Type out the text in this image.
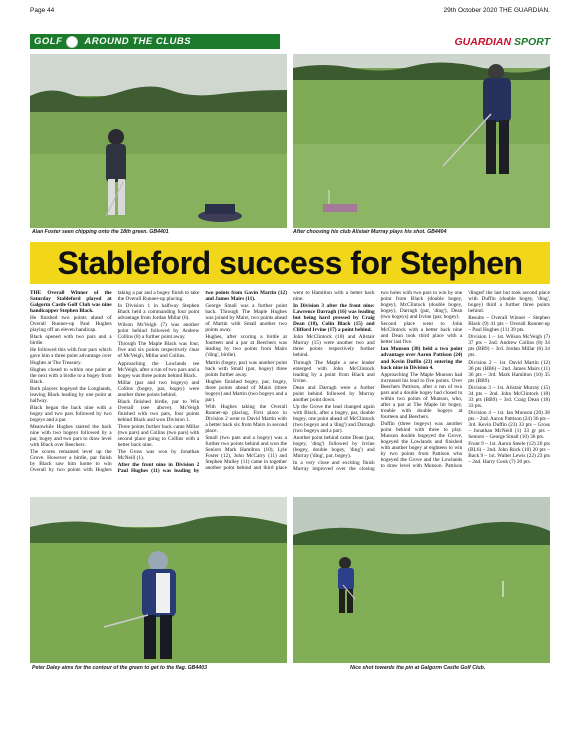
Page 44	29th October 2020 THE GUARDIAN.
GOLF	AROUND THE CLUBS	GUARDIAN SPORT
Alan Foster seen chipping onto the 18th green. GB4401	After choosing his club Alistair Murray plays his shot. GB4404
Stableford success for Stephen

THE Overall Winner of the Saturday Stableford played at Galgorm Castle Golf Club was nine handicapper Stephen Black.

He finished two points ahead of Overall Runner-up Paul Hughes playing off an eleven handicap.

Black opened with two pars and a birdie.

He followed this with four pars which gave him a three point advantage over Hughes at The Treasury.

Hughes closed to within one point at the next with a birdie to a bogey from Black.

Both players bogeyed the Longlands, leaving Black leading by one point at halfway.

Black began the back nine with a bogey and two pars followed by two bogeys and a par.

Meanwhile Hughes started the back nine with two bogeys followed by a par, bogey and two pars to draw level with Black over Beechers.

The scores remained level up the Grove. However a birdie, par finish by Black saw him home to win Overall by two points with Hughes taking a par and a bogey finish to take the Overall Runner-up placing.

In Division 1 in halfway Stephen Black held a commanding four point advantage from Jordan Millar (6).

Wilson McVeigh (7) was another point behind followed by Andrew Collins (8) a further point away.

Through The Maple Black was four, five and six points respectively clear of McVeigh, Millar and Collins.

Approaching the Lowlands tee McVeigh, after a run of two pars and a bogey was three points behind Black.

Millar (par and two bogeys) and Collins (bogey, par, bogey) were another three points behind.

Black finished birdie, par to Win Overall (see above). McVeigh finished with two pars, four points behind Black and won Division 1.

Three points further back came Millar (two pars) and Collins (two pars) with second place going to Collins with a better back nine.

The Gross was won by Jonathan McNeill (1).

After the front nine in Division 2 Paul Hughes (11) was leading by two points from Gavin Martin (12) and James Mairs (11).

George Small was a further point back. Through The Maple Hughes was joined by Mairs, two points ahead of Martin with Small another two points away.

Hughes, after scoring a birdie at fourteen and a par at Beechers was leading by two points from Mairs ('ding', birdie).

Martin (bogey, par) was another point back with Small (par, bogey) three points further away.

Hughes finished bogey, par, bogey, three points ahead of Mairs (three bogeys) and Martin (two bogeys and a par).

With Hughes taking the Overall Runner-up placing, First place in Division 2 went to David Martin with a better back six from Mairs in second place.

Small (two pars and a bogey) was a further two points behind and won the Seniors Mark Hamilton (10), Lyle Foster (12), John McCarry (11) and Stephen Mulley (11) came in together another point behind and third place went to Hamilton with a better back nine.

In Division 3 after the front nine: Lawrence Darragh (16) was leading but being hard pressed by Craig Dean (18), Colin Black (15) and Clifford Irvine (17) a point behind.

John McClintock (18) and Alistair Murray (15) were another two and three points respectively further behind.

Through The Maple a new leader emerged with John McClintock leading by a point from Black and Irvine.

Dean and Darragh were a further point behind followed by Murray another point down.

Up the Grove the lead changed again with Black, after a bogey, par, double bogey, one point ahead of McClintock (two bogeys and a 'ding') and Darragh (two bogeys and a par).

Another point behind came Dean (par, bogey, 'ding') followed by Irvine (bogey, double bogey, 'ding') and Murray ('ding', par, bogey).

In a very close and exciting finish Murray improved over the closing two holes with two pars to win by one point from Black (double bogey, bogey), McClintock (double bogey, bogey), Darragh (par, 'ding'), Dean (two bogeys) and Irvine (par, bogey).

Second place went to John McClintock with a better back nine and Dean took third place with a better last five.

Ian Munson (38) held a two point advantage over Aaron Pattison (24) and Kevin Duffin (23) entering the back nine in Division 4.

Approaching The Maple Munson had increased his lead to five points. Over Beechers Pattison, after a run of two pars and a double bogey had closed to within two points of Munson, who, after a par at The Maple hit bogey, trouble with double bogeys at fourteen and Beechers.

Duffin (three bogeys) was another point behind with three to play. Munson double bogeyed the Grove, bogeyed the Lowlands and finished with another bogey at eighteen to win by two points from Pattison who bogeyed the Grove and the Lowlands to draw level with Munson. Pattison 'dinged' the last but took second place with Duffin (double bogey, 'ding', bogey) third a further three points behind.

Results – Overall Winner – Stephen Black (9) 41 pts – Overall Runner-up – Paul Hughes (11) 39 pts.

Division 1 – 1st. Wilson McVeigh (7) 37 pts – 2nd. Andrew Collins (8) 34 pts (BB9) – 3rd. Jordan Millar (6) 34 pts.

Division 2 – 1st. David Martin (12) 36 pts (BB6) – 2nd. James Mairs (11) 36 pts – 3rd. Mark Hamilton (10) 35 pts (BB9).

Division 3 – 1st. Alistair Murray (15) 34 pts – 2nd. John McClintock (18) 33 pts (BB9) – 3rd. Craig Dean (18) 33 pts.

Division 4 – 1st. Ian Munson (20) 38 pts – 2nd. Aaron Pattison (24) 36 pts – 3rd. Kevin Duffin (23) 33 pts – Gross – Jonathan McNeill (1) 33 gr pts – Seniors – George Small (10) 36 pts.

Front 9 – 1st. Aaron Steele (12) 20 pts (BL6) – 2nd. John Rock (10) 20 pts – Back 9 – 1st. Walter Lewis (22) 23 pts – 2nd. Harry Cook (7) 20 pts.

Peter Daley aims for the contour of the green to get to the flag. GB4403	Nice shot towards the pin at Galgorm Castle Golf Club.
